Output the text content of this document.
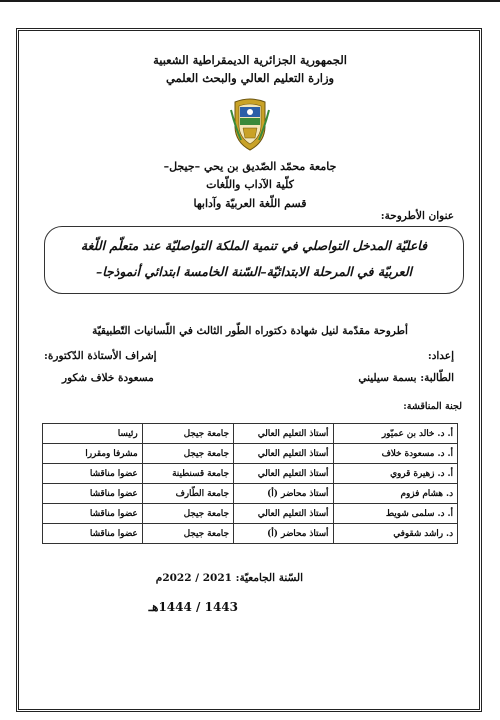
الجمهورية الجزائرية الديمقراطية الشعبية
وزارة التعليم العالي والبحث العلمي
جامعة محمّد الصّديق بن يحي –جيجل–
كلّية الآداب واللّغات
قسم اللّغة العربيّة وآدابها
عنوان الأطروحة:
فاعليّة المدخل التواصلي في تنمية الملكة التواصليّة عند متعلّم اللّغة
العربيّة في المرحلة الابتدائيّة–السّنة الخامسة ابتدائي أنموذجا–
أطروحة مقدّمة لنيل شهادة دكتوراه الطّور الثالث في اللّسانيات التّطبيقيّة
إعداد:
إشراف الأستاذة الدّكتورة:
الطّالبة: بسمة سيليني
مسعودة خلاف شكور
لجنة المناقشة:
أ. د. خالد بن عميّور	أستاذ التعليم العالي	جامعة جيجل	رئيسا
أ. د. مسعودة خلاف	أستاذ التعليم العالي	جامعة جيجل	مشرفا ومقررا
أ. د. زهيرة قروي	أستاذ التعليم العالي	جامعة قسنطينة	عضوا مناقشا
د. هشام فزوم	أستاذ محاضر (أ)	جامعة الطّارف	عضوا مناقشا
أ. د. سلمى شويط	أستاذ التعليم العالي	جامعة جيجل	عضوا مناقشا
د. راشد شقوفي	أستاذ محاضر (أ)	جامعة جيجل	عضوا مناقشا
السّنة الجامعيّة: 2021 / 2022م
1443 / 1444هـ
